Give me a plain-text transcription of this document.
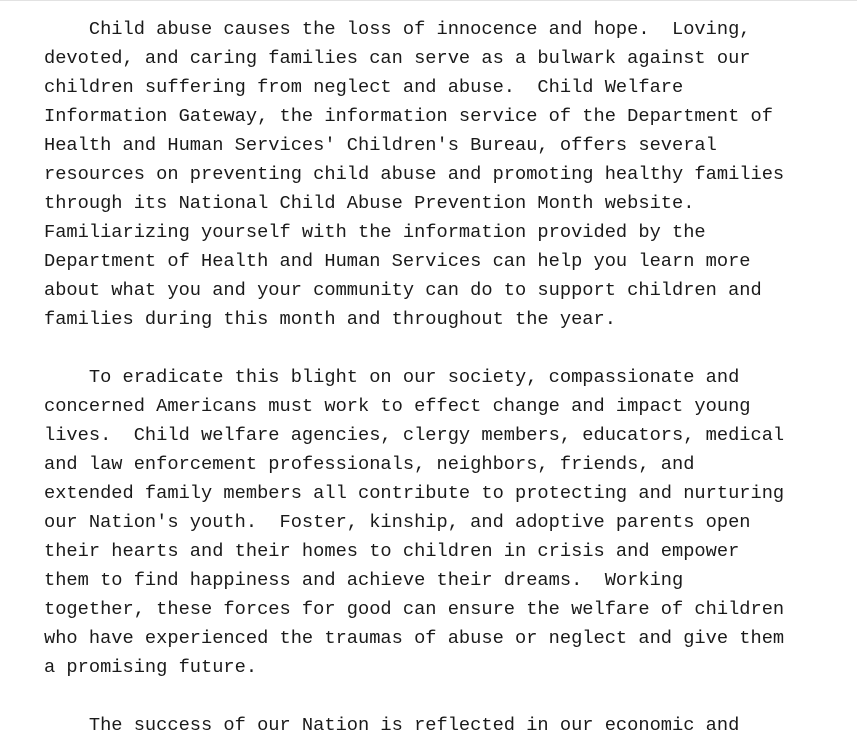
Child abuse causes the loss of innocence and hope.  Loving,
devoted, and caring families can serve as a bulwark against our
children suffering from neglect and abuse.  Child Welfare
Information Gateway, the information service of the Department of
Health and Human Services' Children's Bureau, offers several
resources on preventing child abuse and promoting healthy families
through its National Child Abuse Prevention Month website.
Familiarizing yourself with the information provided by the
Department of Health and Human Services can help you learn more
about what you and your community can do to support children and
families during this month and throughout the year.
To eradicate this blight on our society, compassionate and
concerned Americans must work to effect change and impact young
lives.  Child welfare agencies, clergy members, educators, medical
and law enforcement professionals, neighbors, friends, and
extended family members all contribute to protecting and nurturing
our Nation's youth.  Foster, kinship, and adoptive parents open
their hearts and their homes to children in crisis and empower
them to find happiness and achieve their dreams.  Working
together, these forces for good can ensure the welfare of children
who have experienced the traumas of abuse or neglect and give them
a promising future.
The success of our Nation is reflected in our economic and
